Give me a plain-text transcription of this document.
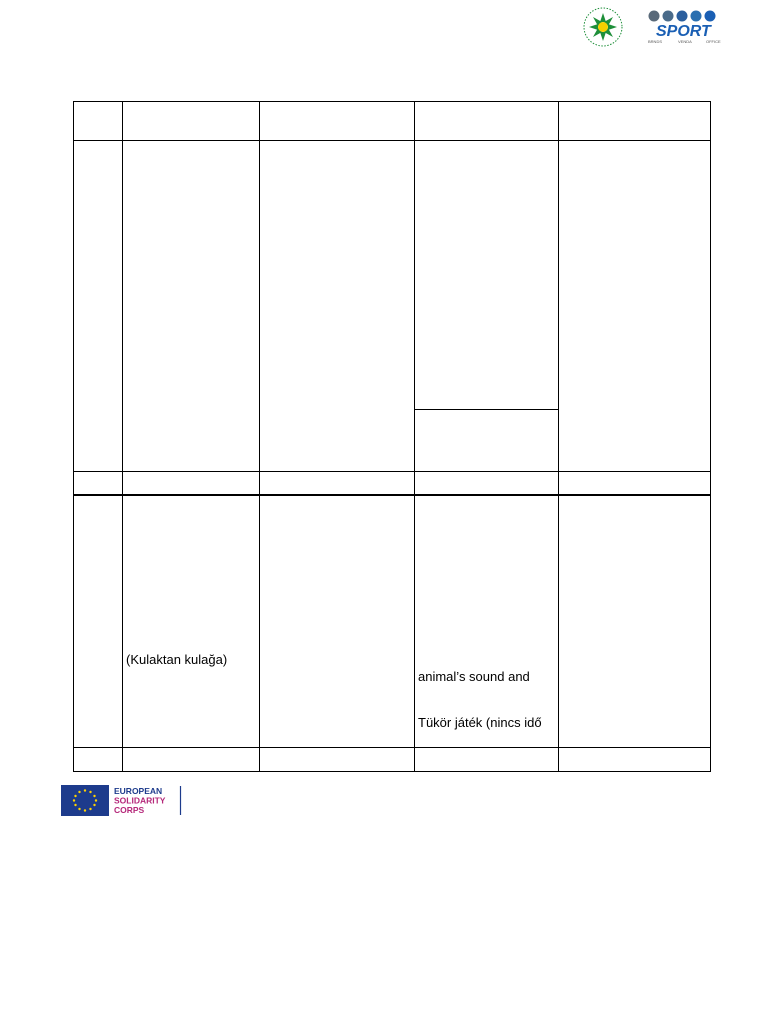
SPORT
BRNDS	VENDA	OFFICE
(Kulaktan kulağa)
animal’s sound and
Tükör játék (nincs idő
EUROPEAN
SOLIDARITY
CORPS
